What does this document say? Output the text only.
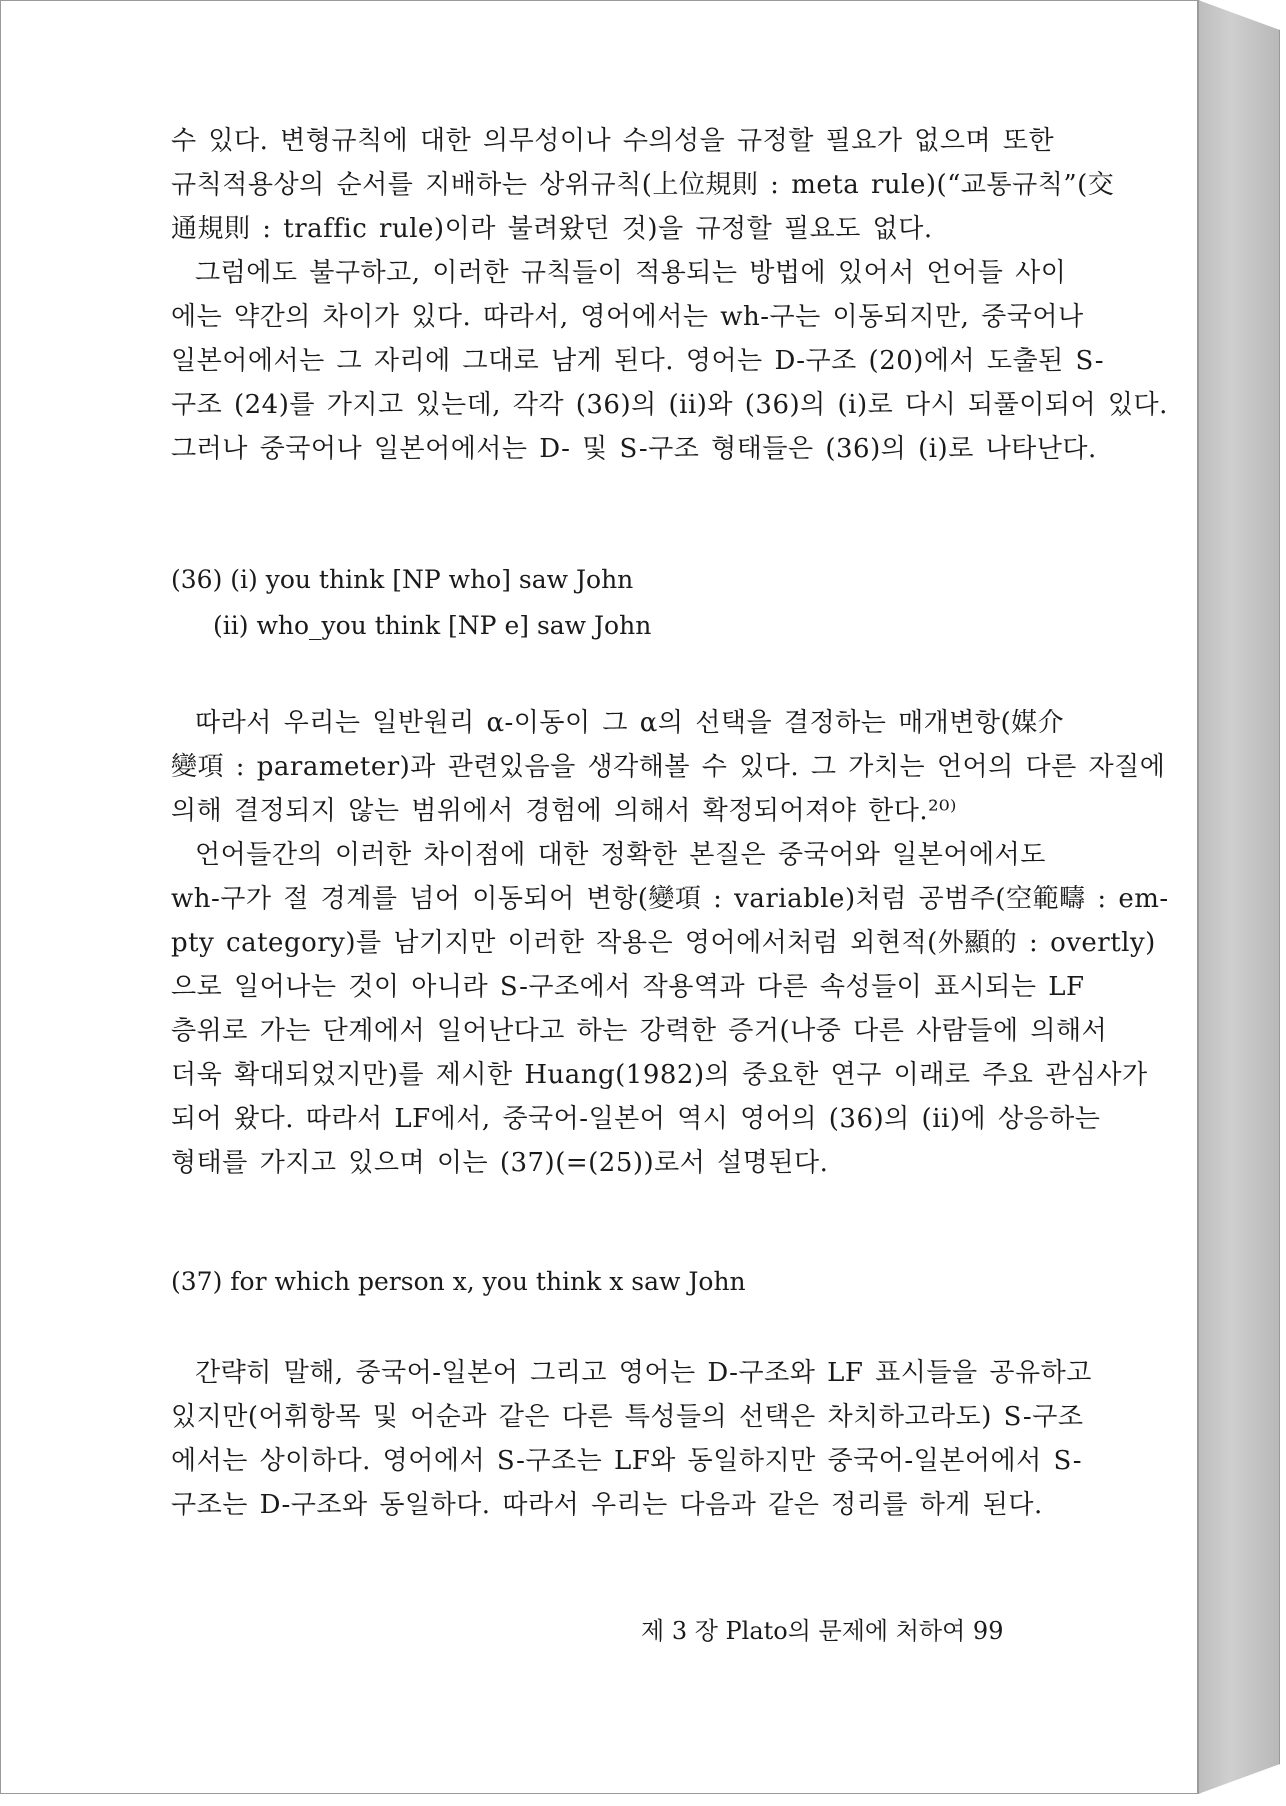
수 있다. 변형규칙에 대한 의무성이나 수의성을 규정할 필요가 없으며 또한
규칙적용상의 순서를 지배하는 상위규칙(上位規則 : meta rule)(“교통규칙”(交
通規則 : traffic rule)이라 불려왔던 것)을 규정할 필요도 없다.
그럼에도 불구하고, 이러한 규칙들이 적용되는 방법에 있어서 언어들 사이
에는 약간의 차이가 있다. 따라서, 영어에서는 wh-구는 이동되지만, 중국어나
일본어에서는 그 자리에 그대로 남게 된다. 영어는 D-구조 (20)에서 도출된 S-
구조 (24)를 가지고 있는데, 각각 (36)의 (ii)와 (36)의 (i)로 다시 되풀이되어 있다.
그러나 중국어나 일본어에서는 D- 및 S-구조 형태들은 (36)의 (i)로 나타난다.
(36) (i) you think [NP who] saw John
(ii) who_you think [NP e] saw John
따라서 우리는 일반원리 α-이동이 그 α의 선택을 결정하는 매개변항(媒介
變項 : parameter)과 관련있음을 생각해볼 수 있다. 그 가치는 언어의 다른 자질에
의해 결정되지 않는 범위에서 경험에 의해서 확정되어져야 한다.²⁰⁾
언어들간의 이러한 차이점에 대한 정확한 본질은 중국어와 일본어에서도
wh-구가 절 경계를 넘어 이동되어 변항(變項 : variable)처럼 공범주(空範疇 : em-
pty category)를 남기지만 이러한 작용은 영어에서처럼 외현적(外顯的 : overtly)
으로 일어나는 것이 아니라 S-구조에서 작용역과 다른 속성들이 표시되는 LF
층위로 가는 단계에서 일어난다고 하는 강력한 증거(나중 다른 사람들에 의해서
더욱 확대되었지만)를 제시한 Huang(1982)의 중요한 연구 이래로 주요 관심사가
되어 왔다. 따라서 LF에서, 중국어-일본어 역시 영어의 (36)의 (ii)에 상응하는
형태를 가지고 있으며 이는 (37)(=(25))로서 설명된다.
(37) for which person x, you think x saw John
간략히 말해, 중국어-일본어 그리고 영어는 D-구조와 LF 표시들을 공유하고
있지만(어휘항목 및 어순과 같은 다른 특성들의 선택은 차치하고라도) S-구조
에서는 상이하다. 영어에서 S-구조는 LF와 동일하지만 중국어-일본어에서 S-
구조는 D-구조와 동일하다. 따라서 우리는 다음과 같은 정리를 하게 된다.
제 3 장 Plato의 문제에 처하여 99
